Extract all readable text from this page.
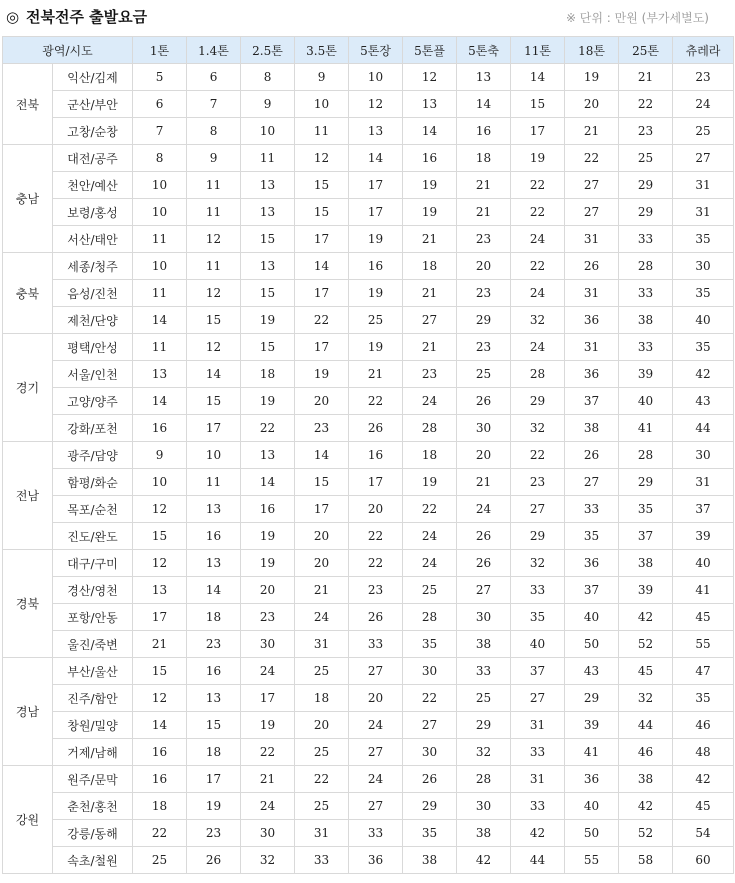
◎ 전북전주 출발요금	※ 단위 : 만원 (부가세별도)
광역/시도		1톤	1.4톤	2.5톤	3.5톤	5톤장	5톤플	5톤축	11톤	18톤	25톤	츄레라
전북	익산/김제	5	6	8	9	10	12	13	14	19	21	23
	군산/부안	6	7	9	10	12	13	14	15	20	22	24
	고창/순창	7	8	10	11	13	14	16	17	21	23	25
충남	대전/공주	8	9	11	12	14	16	18	19	22	25	27
	천안/예산	10	11	13	15	17	19	21	22	27	29	31
	보령/홍성	10	11	13	15	17	19	21	22	27	29	31
	서산/태안	11	12	15	17	19	21	23	24	31	33	35
충북	세종/청주	10	11	13	14	16	18	20	22	26	28	30
	음성/진천	11	12	15	17	19	21	23	24	31	33	35
	제천/단양	14	15	19	22	25	27	29	32	36	38	40
경기	평택/안성	11	12	15	17	19	21	23	24	31	33	35
	서울/인천	13	14	18	19	21	23	25	28	36	39	42
	고양/양주	14	15	19	20	22	24	26	29	37	40	43
	강화/포천	16	17	22	23	26	28	30	32	38	41	44
전남	광주/담양	9	10	13	14	16	18	20	22	26	28	30
	함평/화순	10	11	14	15	17	19	21	23	27	29	31
	목포/순천	12	13	16	17	20	22	24	27	33	35	37
	진도/완도	15	16	19	20	22	24	26	29	35	37	39
경북	대구/구미	12	13	19	20	22	24	26	32	36	38	40
	경산/영천	13	14	20	21	23	25	27	33	37	39	41
	포항/안동	17	18	23	24	26	28	30	35	40	42	45
	울진/죽변	21	23	30	31	33	35	38	40	50	52	55
경남	부산/울산	15	16	24	25	27	30	33	37	43	45	47
	진주/함안	12	13	17	18	20	22	25	27	29	32	35
	창원/밀양	14	15	19	20	24	27	29	31	39	44	46
	거제/남해	16	18	22	25	27	30	32	33	41	46	48
강원	원주/문막	16	17	21	22	24	26	28	31	36	38	42
	춘천/홍천	18	19	24	25	27	29	30	33	40	42	45
	강릉/동해	22	23	30	31	33	35	38	42	50	52	54
	속초/철원	25	26	32	33	36	38	42	44	55	58	60
